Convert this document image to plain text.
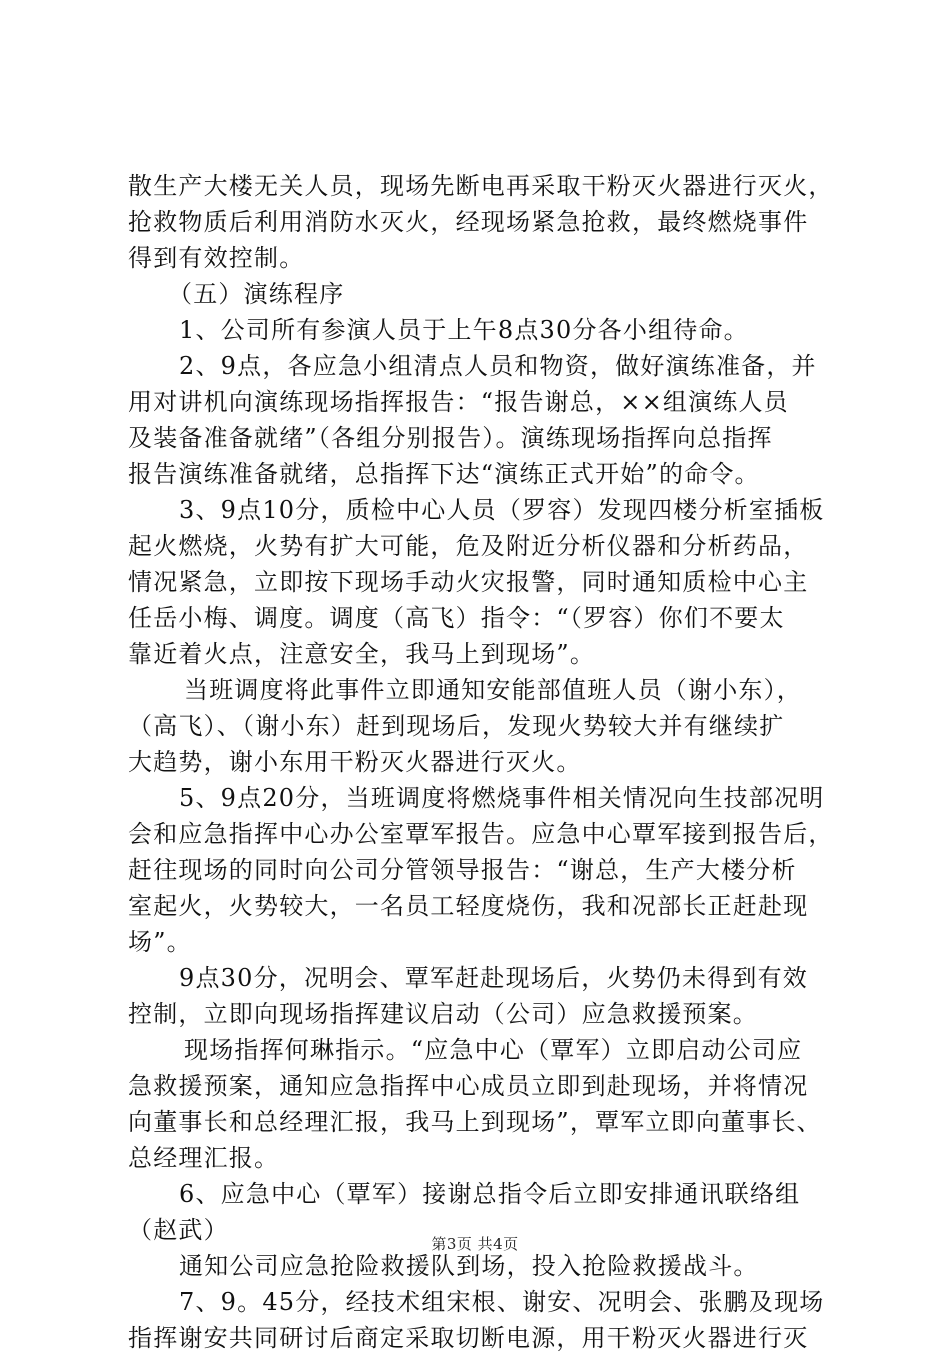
散生产大楼无关人员，现场先断电再采取干粉灭火器进行灭火，
抢救物质后利用消防水灭火，经现场紧急抢救，最终燃烧事件
得到有效控制。
（五）演练程序
1、公司所有参演人员于上午8点30分各小组待命。
2、9点，各应急小组清点人员和物资，做好演练准备，并
用对讲机向演练现场指挥报告：“报告谢总，××组演练人员
及装备准备就绪”（各组分别报告）。演练现场指挥向总指挥
报告演练准备就绪，总指挥下达“演练正式开始”的命令。
3、9点10分，质检中心人员（罗容）发现四楼分析室插板
起火燃烧，火势有扩大可能，危及附近分析仪器和分析药品，
情况紧急，立即按下现场手动火灾报警，同时通知质检中心主
任岳小梅、调度。调度（高飞）指令：“（罗容）你们不要太
靠近着火点，注意安全，我马上到现场”。
当班调度将此事件立即通知安能部值班人员（谢小东），
（高飞）、（谢小东）赶到现场后，发现火势较大并有继续扩
大趋势，谢小东用干粉灭火器进行灭火。
5、9点20分，当班调度将燃烧事件相关情况向生技部况明
会和应急指挥中心办公室覃军报告。应急中心覃军接到报告后，
赶往现场的同时向公司分管领导报告：“谢总，生产大楼分析
室起火，火势较大，一名员工轻度烧伤，我和况部长正赶赴现
场”。
9点30分，况明会、覃军赶赴现场后，火势仍未得到有效
控制，立即向现场指挥建议启动（公司）应急救援预案。
现场指挥何琳指示。“应急中心（覃军）立即启动公司应
急救援预案，通知应急指挥中心成员立即到赴现场，并将情况
向董事长和总经理汇报，我马上到现场”，覃军立即向董事长、
总经理汇报。
6、应急中心（覃军）接谢总指令后立即安排通讯联络组
（赵武）
通知公司应急抢险救援队到场，投入抢险救援战斗。
7、9。45分，经技术组宋根、谢安、况明会、张鹏及现场
指挥谢安共同研讨后商定采取切断电源，用干粉灭火器进行灭
第3页 共4页
